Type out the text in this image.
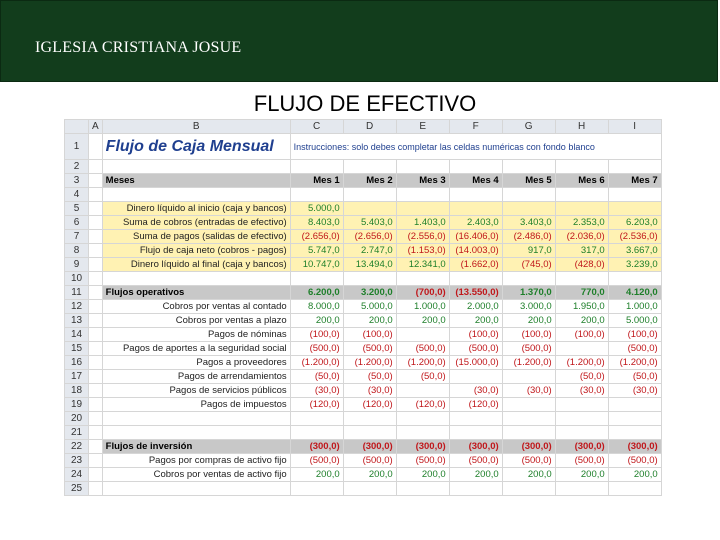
IGLESIA CRISTIANA JOSUE
FLUJO DE EFECTIVO
	A	B	C	D	E	F	G	H	I
1		Flujo de Caja Mensual	Instrucciones: solo debes completar las celdas numéricas con fondo blanco						
2									
3		Meses	Mes 1	Mes 2	Mes 3	Mes 4	Mes 5	Mes 6	Mes 7
4									
5		Dinero líquido al inicio (caja y bancos)	5.000,0						
6		Suma de cobros (entradas de efectivo)	8.403,0	5.403,0	1.403,0	2.403,0	3.403,0	2.353,0	6.203,0
7		Suma de pagos (salidas de efectivo)	(2.656,0)	(2.656,0)	(2.556,0)	(16.406,0)	(2.486,0)	(2.036,0)	(2.536,0)
8		Flujo de caja neto (cobros - pagos)	5.747,0	2.747,0	(1.153,0)	(14.003,0)	917,0	317,0	3.667,0
9		Dinero líquido al final (caja y bancos)	10.747,0	13.494,0	12.341,0	(1.662,0)	(745,0)	(428,0)	3.239,0
10									
11		Flujos operativos	6.200,0	3.200,0	(700,0)	(13.550,0)	1.370,0	770,0	4.120,0
12		Cobros por ventas al contado	8.000,0	5.000,0	1.000,0	2.000,0	3.000,0	1.950,0	1.000,0
13		Cobros por ventas a plazo	200,0	200,0	200,0	200,0	200,0	200,0	5.000,0
14		Pagos de nóminas	(100,0)	(100,0)		(100,0)	(100,0)	(100,0)	(100,0)
15		Pagos de aportes a la seguridad social	(500,0)	(500,0)	(500,0)	(500,0)	(500,0)		(500,0)
16		Pagos a proveedores	(1.200,0)	(1.200,0)	(1.200,0)	(15.000,0)	(1.200,0)	(1.200,0)	(1.200,0)
17		Pagos de arrendamientos	(50,0)	(50,0)	(50,0)			(50,0)	(50,0)
18		Pagos de servicios públicos	(30,0)	(30,0)		(30,0)	(30,0)	(30,0)	(30,0)
19		Pagos de impuestos	(120,0)	(120,0)	(120,0)	(120,0)			
20									
21									
22		Flujos de inversión	(300,0)	(300,0)	(300,0)	(300,0)	(300,0)	(300,0)	(300,0)
23		Pagos por compras de activo fijo	(500,0)	(500,0)	(500,0)	(500,0)	(500,0)	(500,0)	(500,0)
24		Cobros por ventas de activo fijo	200,0	200,0	200,0	200,0	200,0	200,0	200,0
25									
